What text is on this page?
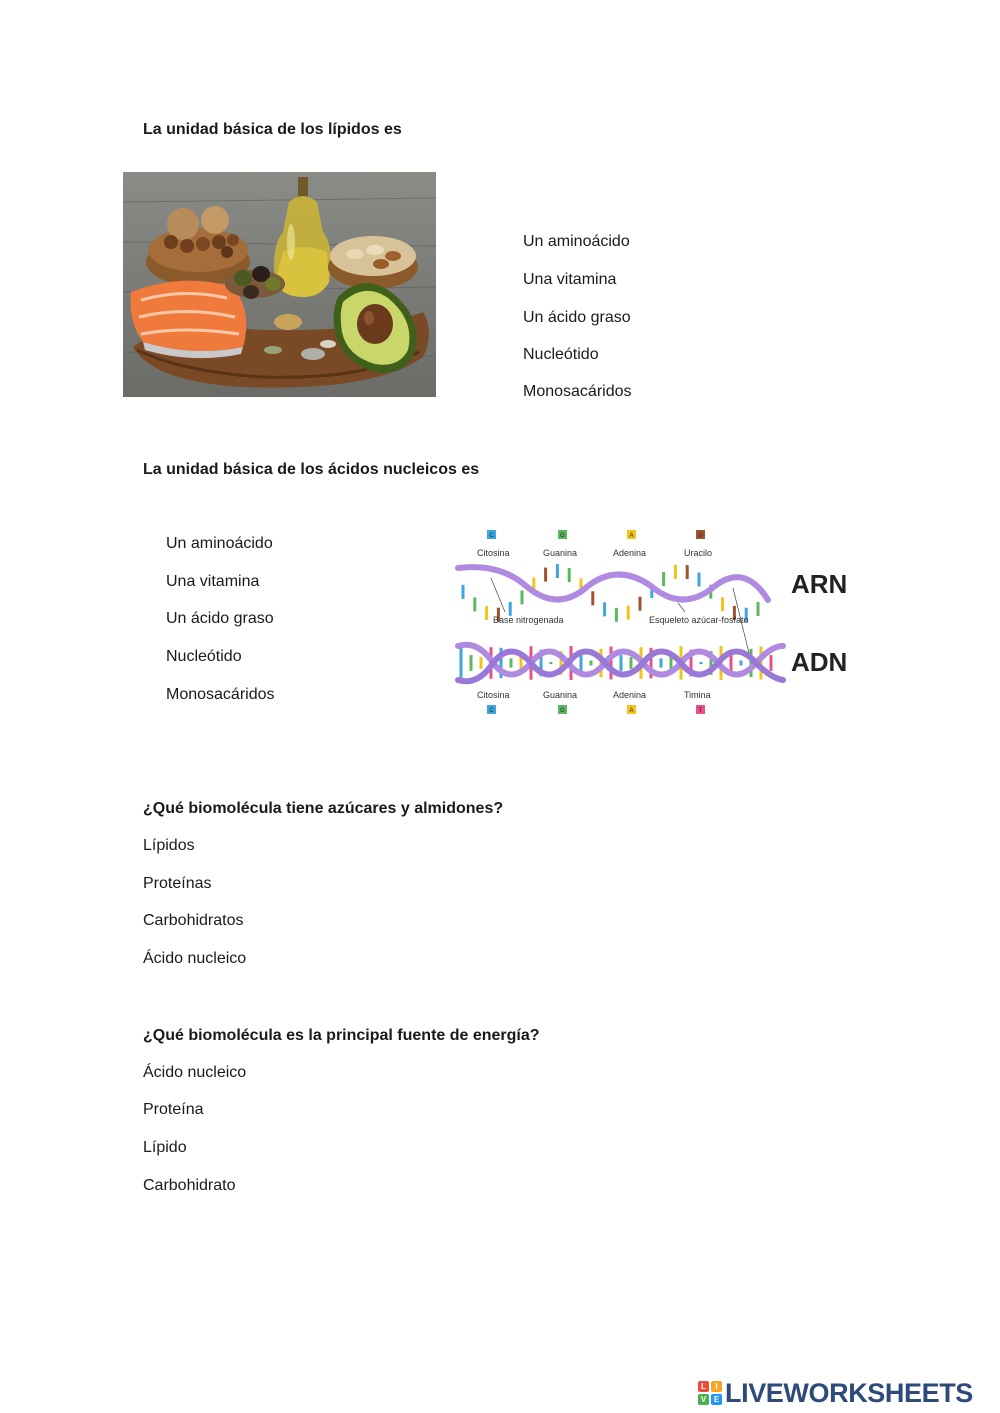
La unidad básica de los lípidos es
Un aminoácido
Una vitamina
Un ácido graso
Nucleótido
Monosacáridos
La unidad básica de los ácidos nucleicos es
Un aminoácido
Una vitamina
Un ácido graso
Nucleótido
Monosacáridos
C	G	A	U
Citosina	Guanina	Adenina	Uracilo
ARN
Base nitrogenada	Esqueleto azúcar-fosfato
ADN
Citosina	Guanina	Adenina	Timina
C	G	A	T
¿Qué biomolécula tiene azúcares y almidones?
Lípidos
Proteínas
Carbohidratos
Ácido nucleico
¿Qué biomolécula es la principal fuente de energía?
Ácido nucleico
Proteína
Lípido
Carbohidrato
L	I
V E LIVEWORKSHEETS
